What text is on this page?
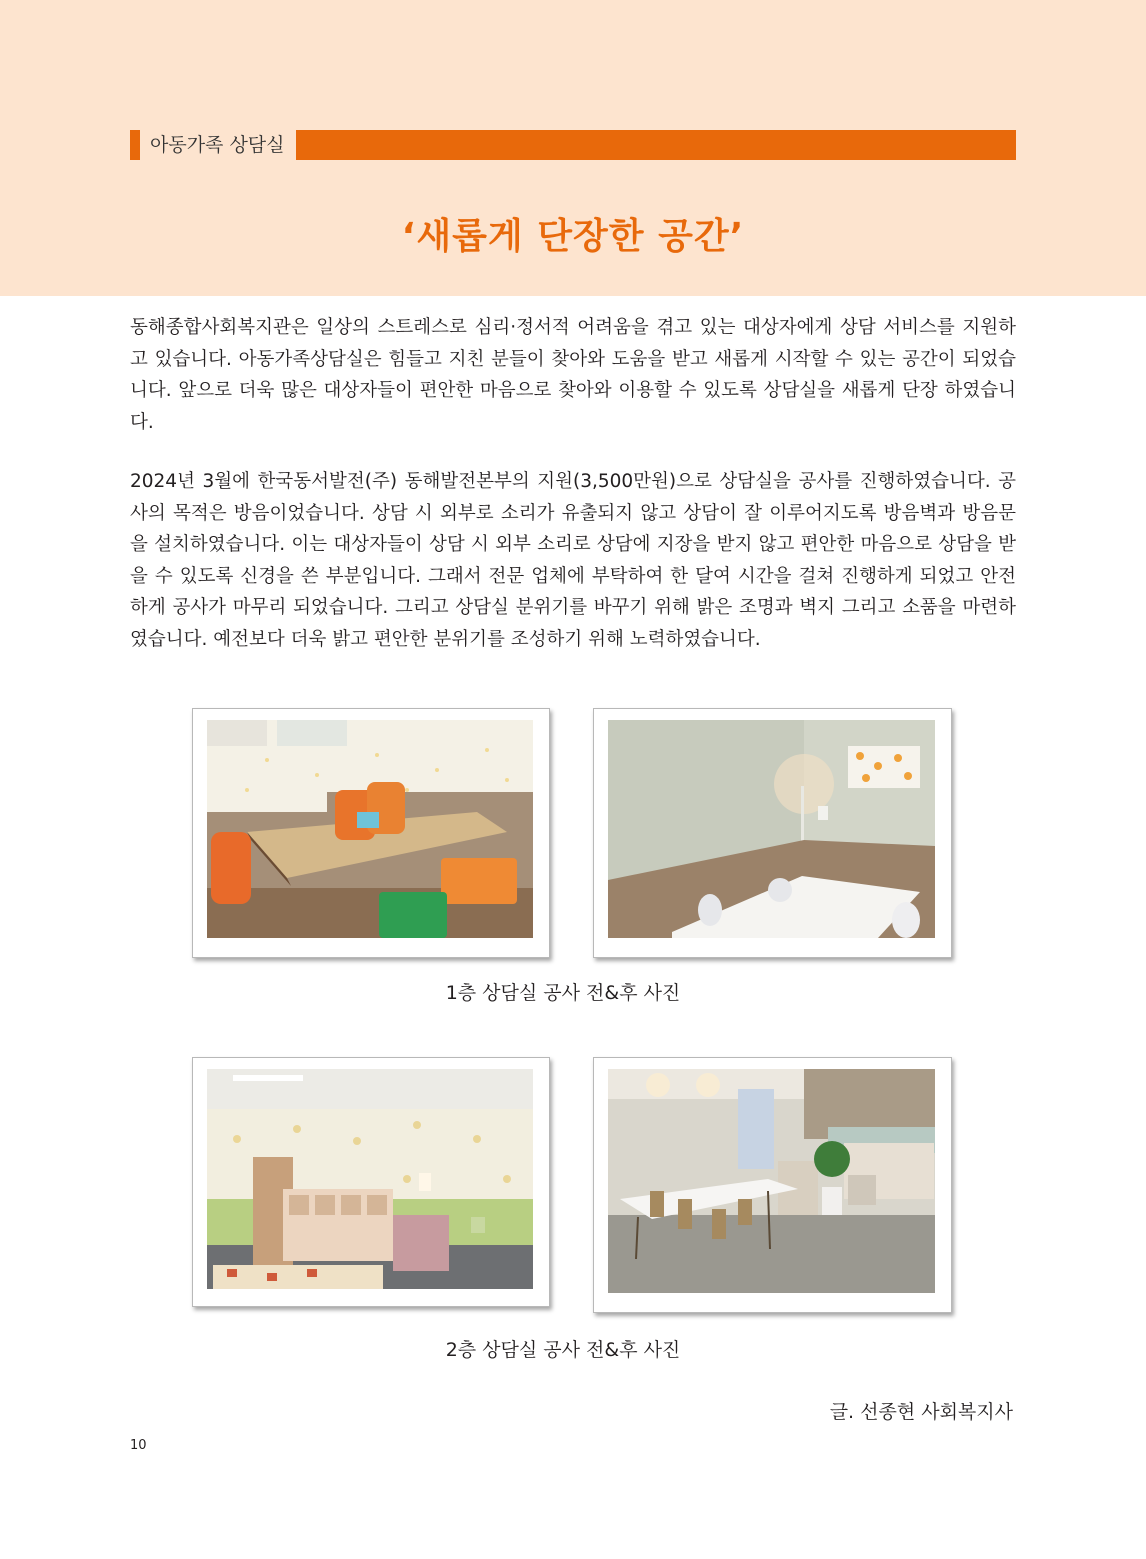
아동가족 상담실
‘새롭게 단장한 공간’

동해종합사회복지관은 일상의 스트레스로 심리·정서적 어려움을 겪고 있는 대상자에게 상담 서비스를 지원하고 있습니다. 아동가족상담실은 힘들고 지친 분들이 찾아와 도움을 받고 새롭게 시작할 수 있는 공간이 되었습니다. 앞으로 더욱 많은 대상자들이 편안한 마음으로 찾아와 이용할 수 있도록 상담실을 새롭게 단장 하였습니다.

2024년 3월에 한국동서발전(주) 동해발전본부의 지원(3,500만원)으로 상담실을 공사를 진행하였습니다. 공사의 목적은 방음이었습니다. 상담 시 외부로 소리가 유출되지 않고 상담이 잘 이루어지도록 방음벽과 방음문을 설치하였습니다. 이는 대상자들이 상담 시 외부 소리로 상담에 지장을 받지 않고 편안한 마음으로 상담을 받을 수 있도록 신경을 쓴 부분입니다. 그래서 전문 업체에 부탁하여 한 달여 시간을 걸쳐 진행하게 되었고 안전하게 공사가 마무리 되었습니다. 그리고 상담실 분위기를 바꾸기 위해 밝은 조명과 벽지 그리고 소품을 마련하였습니다. 예전보다 더욱 밝고 편안한 분위기를 조성하기 위해 노력하였습니다.

1층 상담실 공사 전&후 사진
2층 상담실 공사 전&후 사진
글. 선종현 사회복지사
10
